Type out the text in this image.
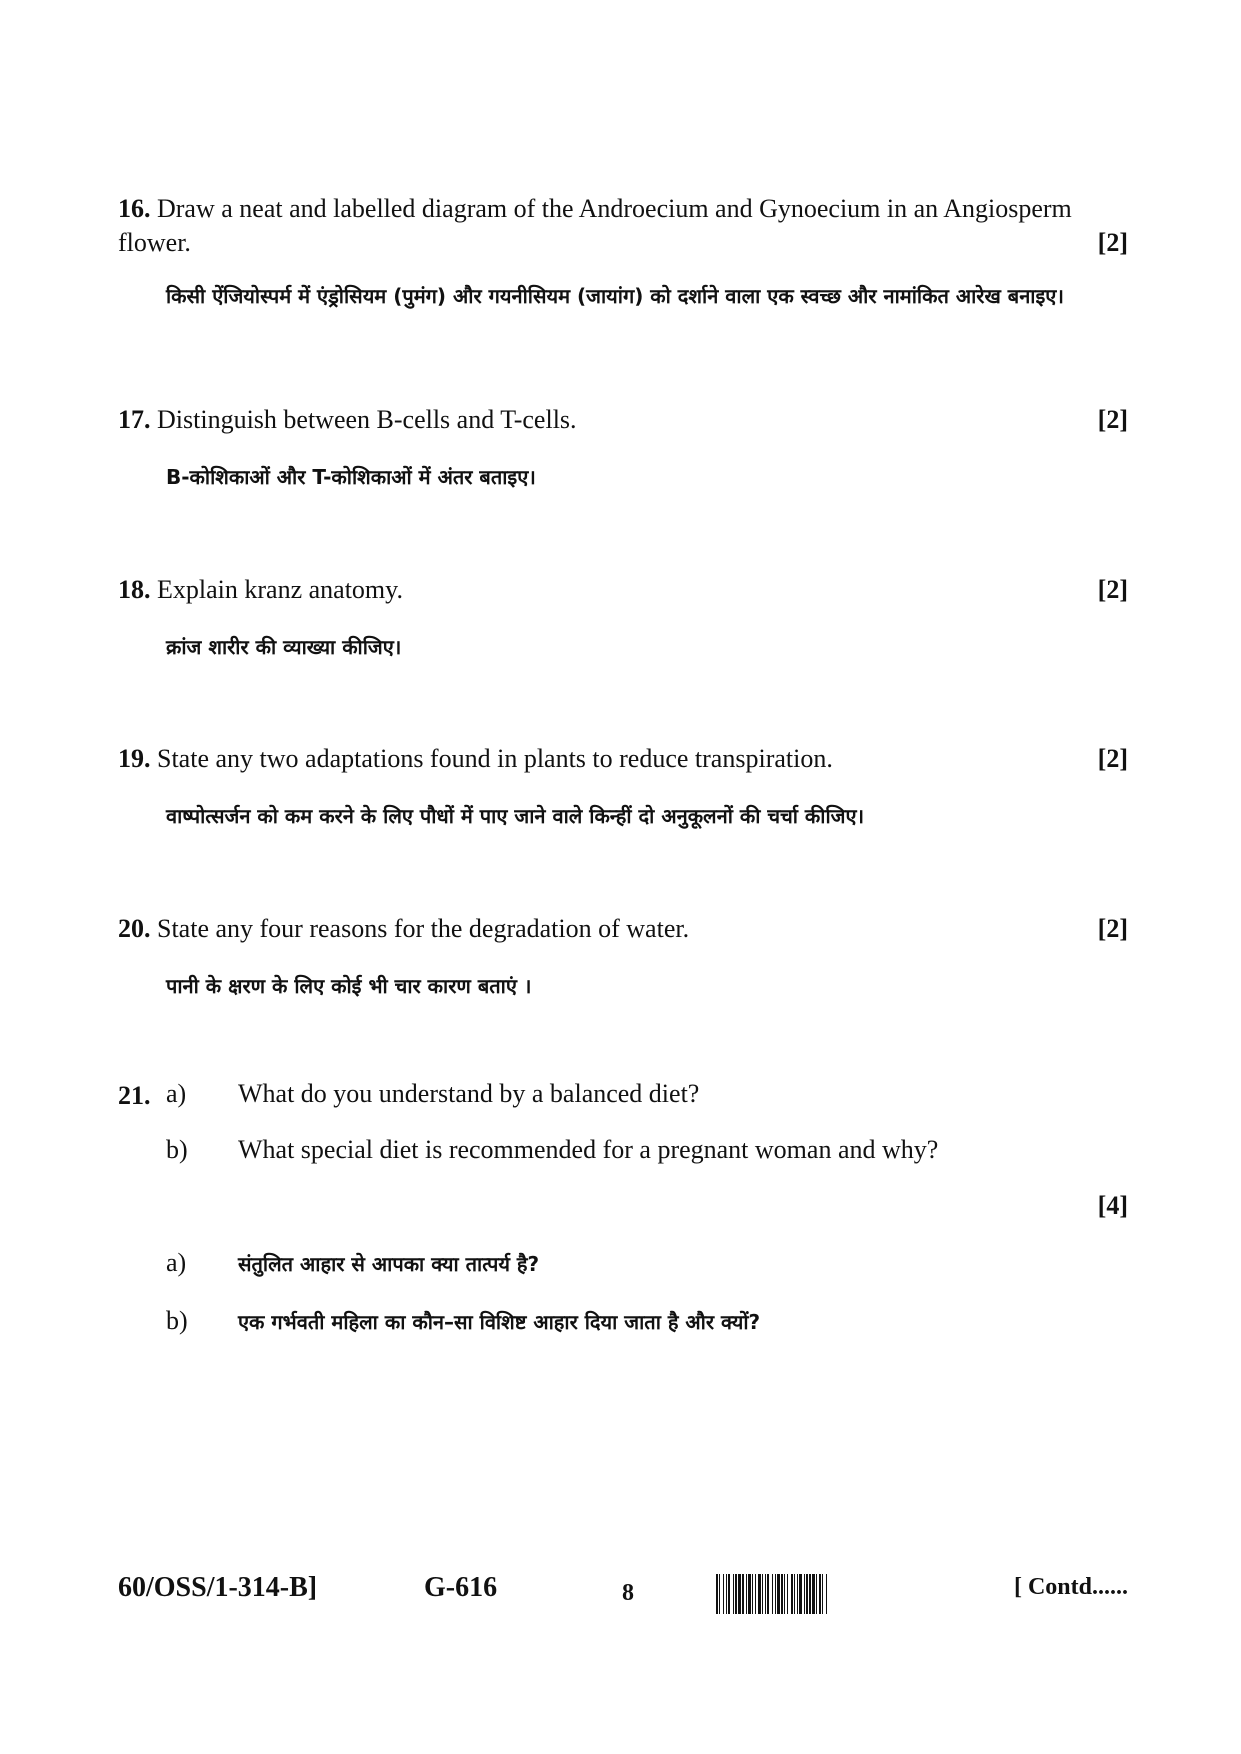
16. Draw a neat and labelled diagram of the Androecium and Gynoecium in an Angiosperm flower.	[2]
किसी ऐंजियोस्पर्म में एंड्रोसियम (पुमंग) और गयनीसियम (जायांग) को दर्शाने वाला एक स्वच्छ और नामांकित आरेख बनाइए।
17. Distinguish between B-cells and T-cells.	[2]
B-कोशिकाओं और T-कोशिकाओं में अंतर बताइए।
18. Explain kranz anatomy.	[2]
क्रांज शारीर की व्याख्या कीजिए।
19. State any two adaptations found in plants to reduce transpiration.	[2]
वाष्पोत्सर्जन को कम करने के लिए पौधों में पाए जाने वाले किन्हीं दो अनुकूलनों की चर्चा कीजिए।
20. State any four reasons for the degradation of water.	[2]
पानी के क्षरण के लिए कोई भी चार कारण बताएं ।
21. a) What do you understand by a balanced diet?
b) What special diet is recommended for a pregnant woman and why?
[4]
a)	संतुलित आहार से आपका क्या तात्पर्य है?
b)	एक गर्भवती महिला का कौन–सा विशिष्ट आहार दिया जाता है और क्यों?
60/OSS/1-314-B]	G-616	8	[ Contd......
